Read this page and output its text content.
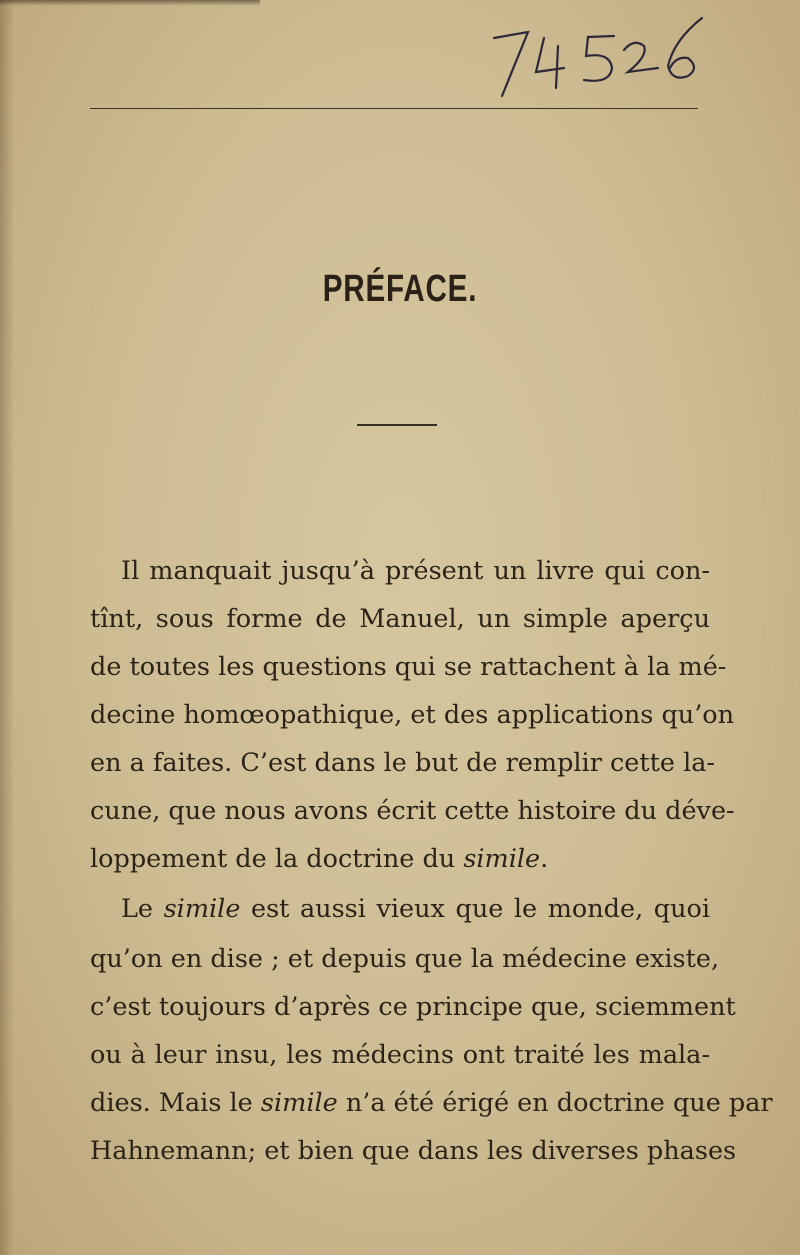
PRÉFACE.
Il manquait jusqu’à présent un livre qui con-
tînt, sous forme de Manuel, un simple aperçu
de toutes les questions qui se rattachent à la mé-
decine homœopathique, et des applications qu’on
en a faites. C’est dans le but de remplir cette la-
cune, que nous avons écrit cette histoire du déve-
loppement de la doctrine du simile.
Le simile est aussi vieux que le monde, quoi
qu’on en dise ; et depuis que la médecine existe,
c’est toujours d’après ce principe que, sciemment
ou à leur insu, les médecins ont traité les mala-
dies. Mais le simile n’a été érigé en doctrine que par
Hahnemann; et bien que dans les diverses phases
